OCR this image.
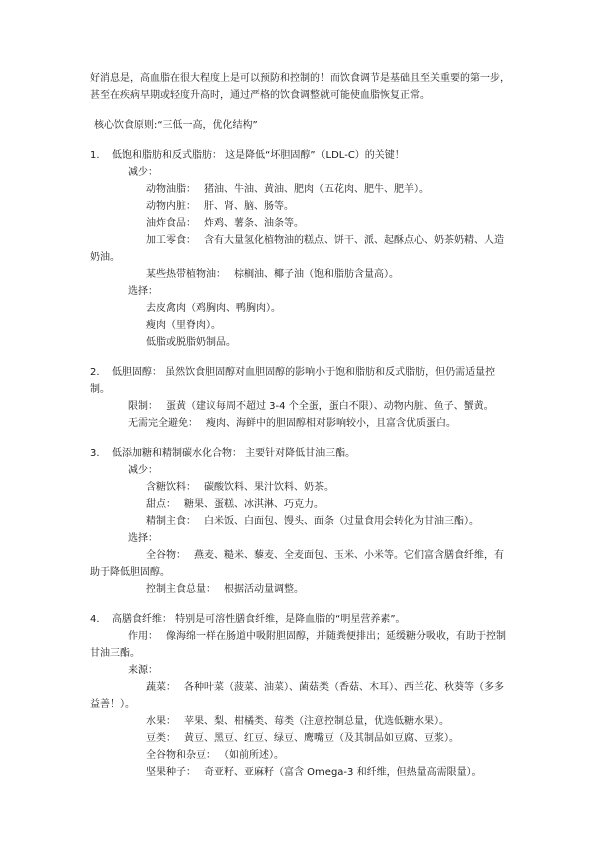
好消息是，高血脂在很大程度上是可以预防和控制的！而饮食调节是基础且至关重要的第一步，甚至在疾病早期或轻度升高时，通过严格的饮食调整就可能使血脂恢复正常。

核心饮食原则:“三低一高，优化结构”

1.	低饱和脂肪和反式脂肪： 这是降低“坏胆固醇”（LDL-C）的关键！
减少：
动物油脂： 猪油、牛油、黄油、肥肉（五花肉、肥牛、肥羊）。
动物内脏： 肝、肾、脑、肠等。
油炸食品： 炸鸡、薯条、油条等。
加工零食： 含有大量氢化植物油的糕点、饼干、派、起酥点心、奶茶奶精、人造奶油。
某些热带植物油： 棕榈油、椰子油（饱和脂肪含量高）。
选择：
去皮禽肉（鸡胸肉、鸭胸肉）。
瘦肉（里脊肉）。
低脂或脱脂奶制品。
2. 低胆固醇： 虽然饮食胆固醇对血胆固醇的影响小于饱和脂肪和反式脂肪，但仍需适量控制。
限制： 蛋黄（建议每周不超过 3-4 个全蛋，蛋白不限）、动物内脏、鱼子、蟹黄。
无需完全避免： 瘦肉、海鲜中的胆固醇相对影响较小，且富含优质蛋白。
3.	低添加糖和精制碳水化合物： 主要针对降低甘油三酯。
减少：
含糖饮料： 碳酸饮料、果汁饮料、奶茶。
甜点： 糖果、蛋糕、冰淇淋、巧克力。
精制主食： 白米饭、白面包、馒头、面条（过量食用会转化为甘油三酯）。
选择：
全谷物： 燕麦、糙米、藜麦、全麦面包、玉米、小米等。它们富含膳食纤维，有助于降低胆固醇。
控制主食总量： 根据活动量调整。
4.	高膳食纤维： 特别是可溶性膳食纤维，是降血脂的“明星营养素”。
作用： 像海绵一样在肠道中吸附胆固醇，并随粪便排出；延缓糖分吸收，有助于控制甘油三酯。
来源：
蔬菜： 各种叶菜（菠菜、油菜）、菌菇类（香菇、木耳）、西兰花、秋葵等（多多益善！）。
水果： 苹果、梨、柑橘类、莓类（注意控制总量，优选低糖水果）。
豆类： 黄豆、黑豆、红豆、绿豆、鹰嘴豆（及其制品如豆腐、豆浆）。
全谷物和杂豆： （如前所述）。
坚果种子： 奇亚籽、亚麻籽（富含 Omega-3 和纤维，但热量高需限量）。
